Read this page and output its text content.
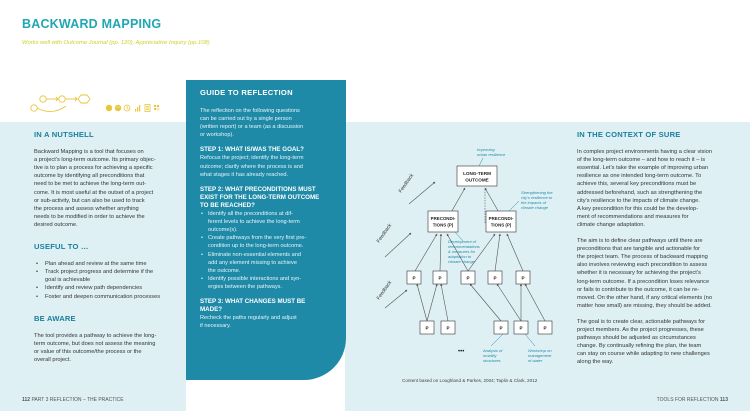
BACKWARD MAPPING
Works well with Outcome Journal (pp. 120), Appreciative Inquiry (pp.108)
IN A NUTSHELL
Backward Mapping is a tool that focuses on
a project’s long-term outcome. Its primary objec-
tive is to plan a process for achieving a specific
outcome by identifying all preconditions that
need to be met to achieve the long-term out-
come. It is most useful at the outset of a project
or sub-activity, but can also be used to track
the process and assess whether anything
needs to be modified in order to achieve the
desired outcome.
USEFUL TO …
• Plan ahead and review at the same time
• Track project progress and determine if the
goal is achievable
• Identify and review path dependencies
• Foster and deepen communication processes
BE AWARE
The tool provides a pathway to achieve the long-
term outcome, but does not assess the meaning
or value of this outcome/the process or the
overall project.
GUIDE TO REFLECTION
The reflection on the following questions
can be carried out by a single person
(written report) or a team (as a discussion
or workshop).
STEP 1: WHAT IS/WAS THE GOAL?
Refocus the project; identify the long-term
outcome; clarify where the process is and
what stages it has already reached.
STEP 2: WHAT PRECONDITIONS MUST
EXIST FOR THE LONG-TERM OUTCOME
TO BE REACHED?
• Identify all the preconditions at dif-
ferent levels to achieve the long-term
outcome(s).
• Create pathways from the very first pre-
condition up to the long-term outcome.
• Eliminate non-essential elements and
add any element missing to achieve
the outcome.
• Identify possible interactions and syn-
ergies between the pathways.
STEP 3: WHAT CHANGES MUST BE
MADE?
Recheck the paths regularly and adjust
if necessary.
Feedback
Feedback
Feedback
LONG-TERM
OUTCOME
PRECONDI-
TIONS (P)
PRECONDI-
TIONS (P)
P	P	P	P	P
P	P	P	P	P
•••
Improving
urban resilience
Strengthening the
city’s resilience to
the impacts of
climate change
Development of
recommendations
& measures for
adaptation to
climate change
Analysis of
mobility
structures
Workshop on
management
of water
Content based on Loughland & Parkes, 2004; Taplin & Clark, 2012
IN THE CONTEXT OF SURE
In complex project environments having a clear vision
of the long-term outcome – and how to reach it – is
essential. Let’s take the example of improving urban
resilience as one intended long-term outcome. To
achieve this, several key preconditions must be
addressed beforehand, such as strengthening the
city’s resilience to the impacts of climate change.
A key precondition for this could be the develop-
ment of recommendations and measures for
climate change adaptation.
The aim is to define clear pathways until there are
preconditions that are tangible and actionable for
the project team. The process of backward mapping
also involves reviewing each precondition to assess
whether it is necessary for achieving the project’s
long-term outcome. If a precondition loses relevance
or fails to contribute to the outcome, it can be re-
moved. On the other hand, if any critical elements (no
matter how small) are missing, they should be added.
The goal is to create clear, actionable pathways for
project members. As the project progresses, these
pathways should be adjusted as circumstances
change. By continually refining the plan, the team
can stay on course while adapting to new challenges
along the way.
112 PART 3 REFLECTION – THE PRACTICE	TOOLS FOR REFLECTION 113
